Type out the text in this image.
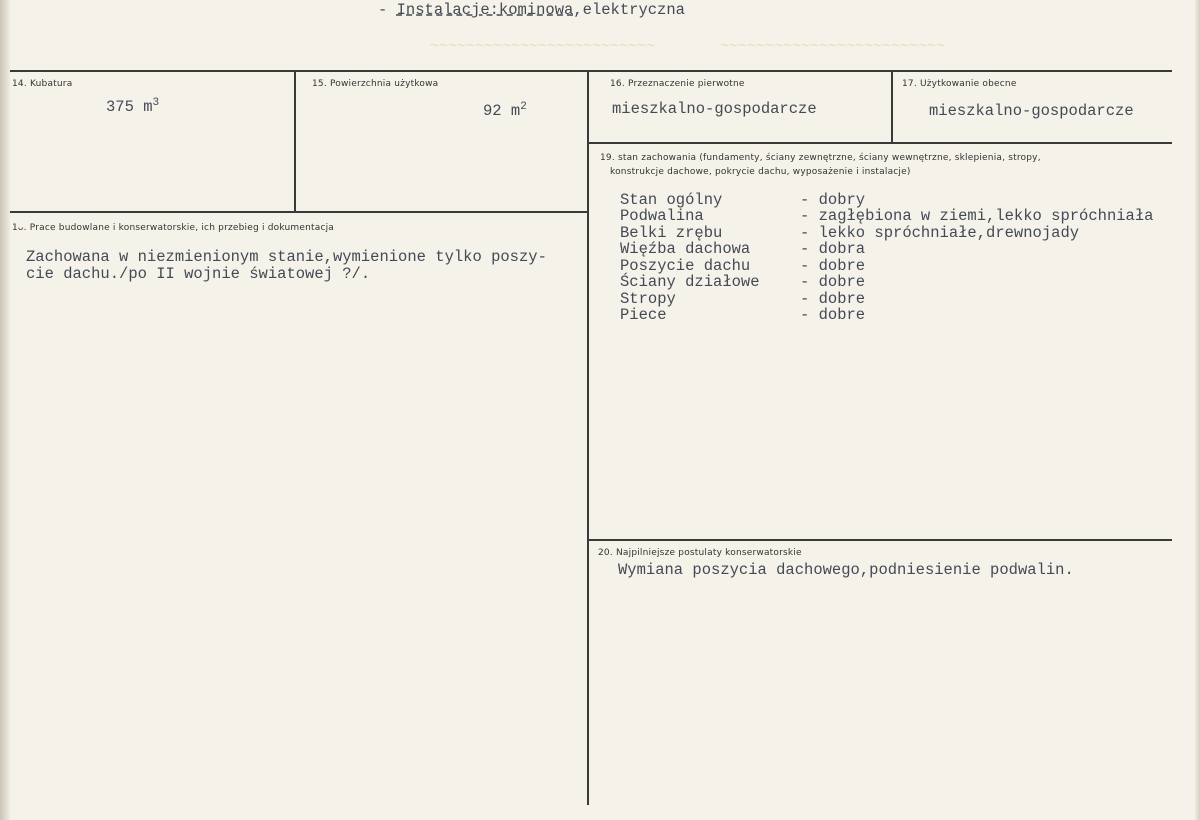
~~~~~~~~~~~~~~~~~~~~~~~~~	~~~~~~~~~~~~~~~~~~~~~~~~~
- Instalacje:kominowa,elektryczna
14. Kubatura
375 $m^3$
15. Powierzchnia użytkowa
92 $m^2$
16. Przeznaczenie pierwotne
mieszkalno-gospodarcze
17. Użytkowanie obecne
mieszkalno-gospodarcze
1ᴗ. Prace budowlane i konserwatorskie, ich przebieg i dokumentacja
Zachowana w niezmienionym stanie,wymienione tylko poszy-
cie dachu./po II wojnie światowej ?/.
19. stan zachowania (fundamenty, ściany zewnętrzne, ściany wewnętrzne, sklepienia, stropy,
konstrukcje dachowe, pokrycie dachu, wyposażenie i instalacje)
Stan ogólny	- dobry
Podwalina	- zagłębiona w ziemi,lekko spróchniała
Belki zrębu	- lekko spróchniałe,drewnojady
Więźba dachowa	- dobra
Poszycie dachu	- dobre
Ściany działowe	- dobre
Stropy	- dobre
Piece	- dobre
20. Najpilniejsze postulaty konserwatorskie
Wymiana poszycia dachowego,podniesienie podwalin.
